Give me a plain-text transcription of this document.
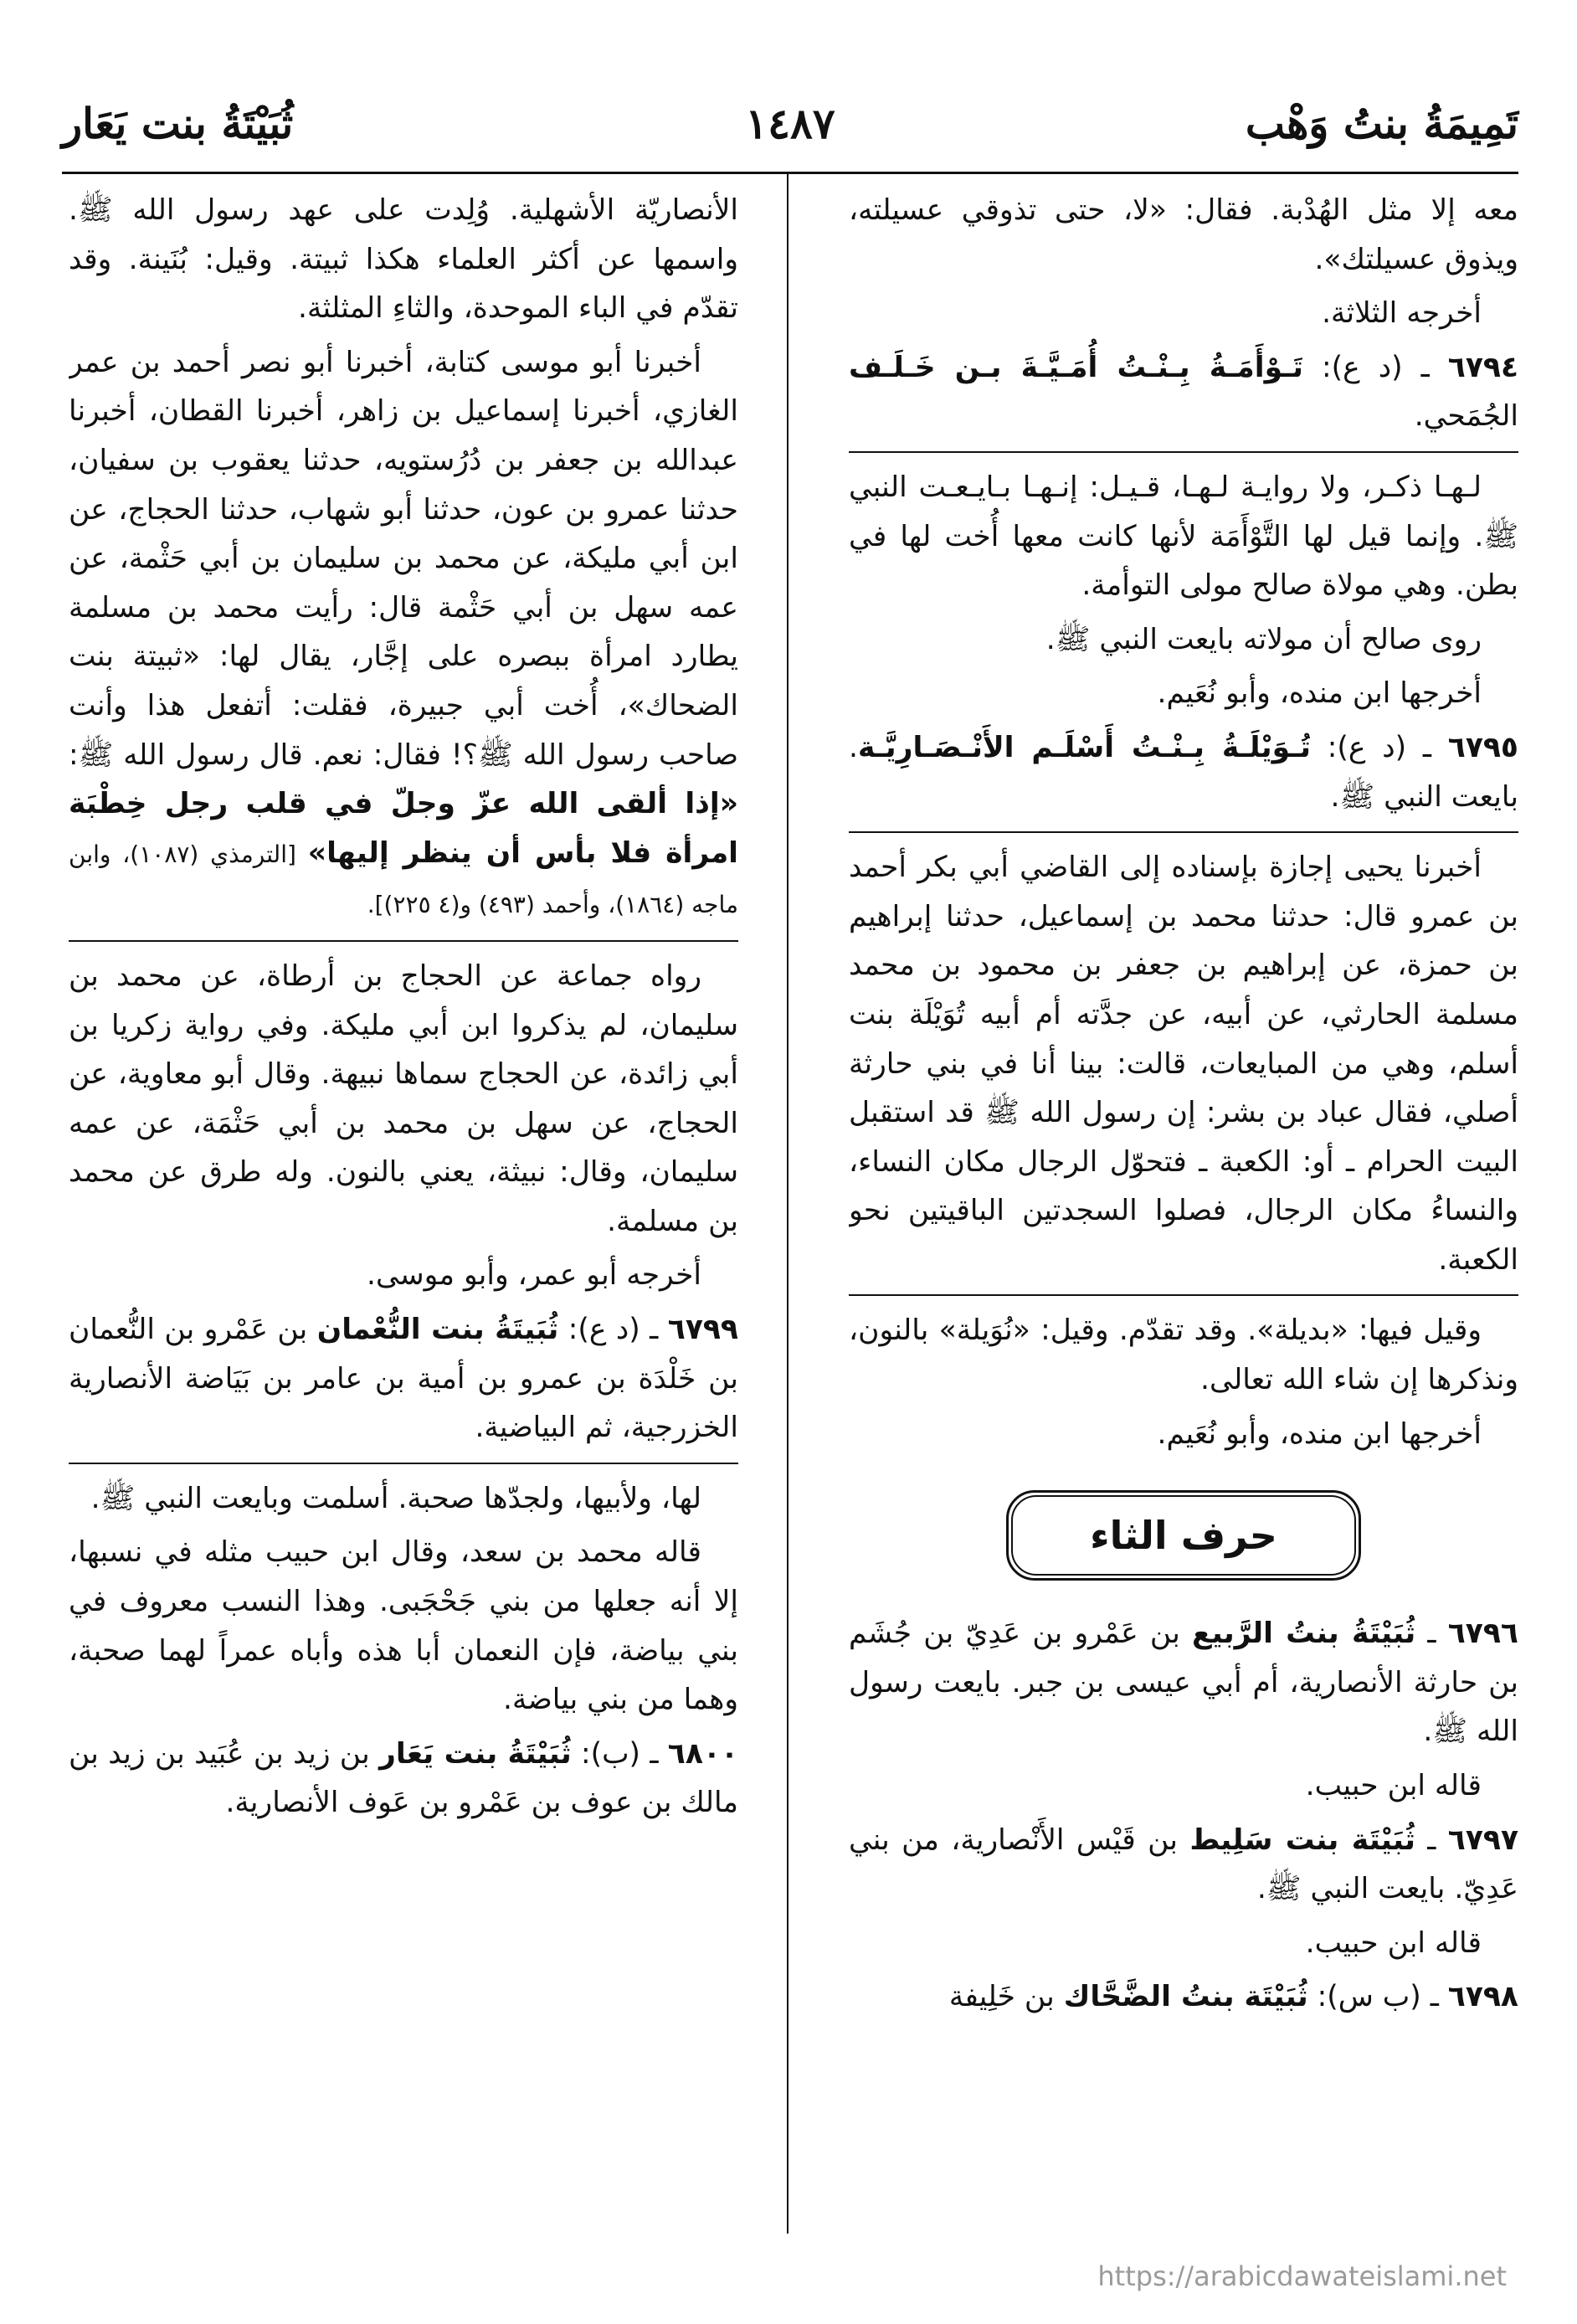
تَمِيمَةُ بنتُ وَهْب
١٤٨٧
ثُبَيْتَةُ بنت يَعَار

معه إلا مثل الهُدْبة. فقال: «لا، حتى تذوقي عسيلته، ويذوق عسيلتك».

أخرجه الثلاثة.

٦٧٩٤ ـ (د ع): تَـوْأَمَـةُ بِـنْـتُ أُمَـيَّـةَ بـن خَـلَـف الجُمَحي.

لـهـا ذكـر، ولا روايـة لـهـا، قـيـل: إنـهـا بـايـعـت النبي ﷺ. وإنما قيل لها التَّوْأَمَة لأنها كانت معها أُخت لها في بطن. وهي مولاة صالح مولى التوأمة.

روى صالح أن مولاته بايعت النبي ﷺ.

أخرجها ابن منده، وأبو نُعَيم.

٦٧٩٥ ـ (د ع): تُـوَيْلَـةُ بِـنْـتُ أَسْلَـم الأَنْـصَـارِيَّـة. بايعت النبي ﷺ.

أخبرنا يحيى إجازة بإسناده إلى القاضي أبي بكر أحمد بن عمرو قال: حدثنا محمد بن إسماعيل، حدثنا إبراهيم بن حمزة، عن إبراهيم بن جعفر بن محمود بن محمد مسلمة الحارثي، عن أبيه، عن جدَّته أم أبيه تُوَيْلَة بنت أسلم، وهي من المبايعات، قالت: بينا أنا في بني حارثة أصلي، فقال عباد بن بشر: إن رسول الله ﷺ قد استقبل البيت الحرام ـ أو: الكعبة ـ فتحوّل الرجال مكان النساء، والنساءُ مكان الرجال، فصلوا السجدتين الباقيتين نحو الكعبة.

وقيل فيها: «بديلة». وقد تقدّم. وقيل: «نُوَيلة» بالنون، ونذكرها إن شاء الله تعالى.

أخرجها ابن منده، وأبو نُعَيم.

حرف الثاء

٦٧٩٦ ـ ثُبَيْتَةُ بنتُ الرَّبيع بن عَمْرو بن عَدِيّ بن جُشَم بن حارثة الأنصارية، أم أبي عيسى بن جبر. بايعت رسول الله ﷺ.

قاله ابن حبيب.

٦٧٩٧ ـ ثُبَيْتَة بنت سَلِيط بن قَيْس الأَنْصارية، من بني عَدِيّ. بايعت النبي ﷺ.

قاله ابن حبيب.

٦٧٩٨ ـ (ب س): ثُبَيْتَة بنتُ الضَّحَّاك بن خَلِيفة

الأنصاريّة الأشهلية. وُلِدت على عهد رسول الله ﷺ. واسمها عن أكثر العلماء هكذا ثبيتة. وقيل: بُنَينة. وقد تقدّم في الباء الموحدة، والثاءِ المثلثة.

أخبرنا أبو موسى كتابة، أخبرنا أبو نصر أحمد بن عمر الغازي، أخبرنا إسماعيل بن زاهر، أخبرنا القطان، أخبرنا عبدالله بن جعفر بن دُرُستويه، حدثنا يعقوب بن سفيان، حدثنا عمرو بن عون، حدثنا أبو شهاب، حدثنا الحجاج، عن ابن أبي مليكة، عن محمد بن سليمان بن أبي حَثْمة، عن عمه سهل بن أبي حَثْمة قال: رأيت محمد بن مسلمة يطارد امرأة ببصره على إجَّار، يقال لها: «ثبيتة بنت الضحاك»، أُخت أبي جبيرة، فقلت: أتفعل هذا وأنت صاحب رسول الله ﷺ؟! فقال: نعم. قال رسول الله ﷺ: «إذا ألقى الله عزّ وجلّ في قلب رجل خِطْبَة امرأة فلا بأس أن ينظر إليها» [الترمذي (١٠٨٧)، وابن ماجه (١٨٦٤)، وأحمد (٤٩٣) و(٤ ٢٢٥)].

رواه جماعة عن الحجاج بن أرطاة، عن محمد بن سليمان، لم يذكروا ابن أبي مليكة. وفي رواية زكريا بن أبي زائدة، عن الحجاج سماها نبيهة. وقال أبو معاوية، عن الحجاج، عن سهل بن محمد بن أبي حَثْمَة، عن عمه سليمان، وقال: نبيثة، يعني بالنون. وله طرق عن محمد بن مسلمة.

أخرجه أبو عمر، وأبو موسى.

٦٧٩٩ ـ (د ع): ثُبَيتَةُ بنت النُّعْمان بن عَمْرو بن النُّعمان بن خَلْدَة بن عمرو بن أمية بن عامر بن بَيَاضة الأنصارية الخزرجية، ثم البياضية.

لها، ولأبيها، ولجدّها صحبة. أسلمت وبايعت النبي ﷺ.

قاله محمد بن سعد، وقال ابن حبيب مثله في نسبها، إلا أنه جعلها من بني جَحْجَبى. وهذا النسب معروف في بني بياضة، فإن النعمان أبا هذه وأباه عمراً لهما صحبة، وهما من بني بياضة.

٦٨٠٠ ـ (ب): ثُبَيْتَةُ بنت يَعَار بن زيد بن عُبَيد بن زيد بن مالك بن عوف بن عَمْرو بن عَوف الأنصارية.

https://arabicdawateislami.net
